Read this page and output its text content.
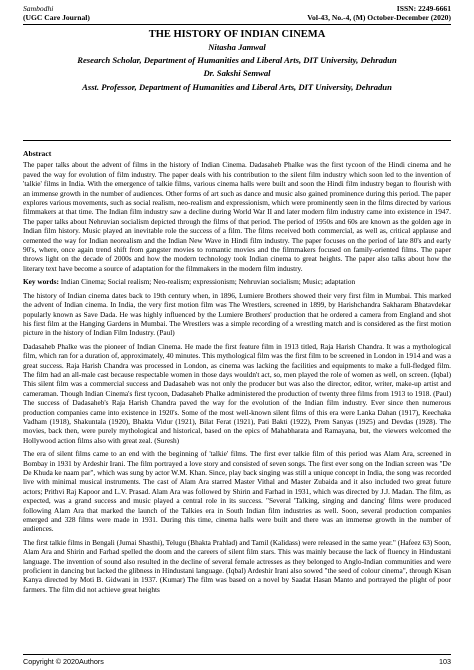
Sambodhi	ISSN: 2249-6661
(UGC Care Journal)	Vol-43, No.-4, (M) October-December (2020)
THE HISTORY OF INDIAN CINEMA
Nitasha Jamwal
Research Scholar, Department of Humanities and Liberal Arts, DIT University, Dehradun
Dr. Sakshi Semwal
Asst. Professor, Department of Humanities and Liberal Arts, DIT University, Dehradun
Abstract

The paper talks about the advent of films in the history of Indian Cinema. Dadasaheb Phalke was the first tycoon of the Hindi cinema and he paved the way for evolution of film industry. The paper deals with his contribution to the silent film industry which soon led to the invention of 'talkie' films in India. With the emergence of talkie films, various cinema halls were built and soon the Hindi film industry began to flourish with an immense growth in the number of audiences. Other forms of art such as dance and music also gained prominence during this period. The paper explores various movements, such as social realism, neo-realism and expressionism, which were prominently seen in the films directed by various filmmakers at that time. The Indian film industry saw a decline during World War II and later modern film industry came into existence in 1947. The paper talks about Nehruvian socialism depicted through the films of that period. The period of 1950s and 60s are known as the golden age in Indian film history. Music played an inevitable role the success of a film. The films received both commercial, as well as, critical applause and cemented the way for Indian neorealism and the Indian New Wave in Hindi film industry. The paper focuses on the period of late 80's and early 90's, where, once again trend shift from gangster movies to romantic movies and the filmmakers focused on family-oriented films. The paper throws light on the decade of 2000s and how the modern technology took Indian cinema to great heights. The paper also talks about how the literary text have become a source of adaptation for the filmmakers in the modern film industry.

Key words: Indian Cinema; Social realism; Neo-realism; expressionism; Nehruvian socialism; Music; adaptation

The history of Indian cinema dates back to 19th century when, in 1896, Lumiere Brothers showed their very first film in Mumbai. This marked the advent of Indian cinema. In India, the very first motion film was The Wrestlers, screened in 1899, by Harishchandra Sakharam Bhatavdekar popularly known as Save Dada. He was highly influenced by the Lumiere Brothers' production that he ordered a camera from England and shot his first film at the Hanging Gardens in Mumbai. The Wrestlers was a simple recording of a wrestling match and is considered as the first motion picture in the history of Indian Film Industry. (Paul)

Dadasaheb Phalke was the pioneer of Indian Cinema. He made the first feature film in 1913 titled, Raja Harish Chandra. It was a mythological film, which ran for a duration of, approximately, 40 minutes. This mythological film was the first film to be screened in London in 1914 and was a great success. Raja Harish Chandra was processed in London, as cinema was lacking the facilities and equipments to make a full-fledged film. The film had an all-male cast because respectable women in those days wouldn't act, so, men played the role of women as well, on screen. (Iqbal) This silent film was a commercial success and Dadasaheb was not only the producer but was also the director, editor, writer, make-up artist and cameraman. Though Indian Cinema's first tycoon, Dadasaheb Phalke administered the production of twenty three films from 1913 to 1918. (Paul) The success of Dadasaheb's Raja Harish Chandra paved the way for the evolution of the Indian film industry. Ever since then numerous production companies came into existence in 1920's. Some of the most well-known silent films of this era were Lanka Dahan (1917), Keechaka Vadham (1918), Shakuntala (1920), Bhakta Vidur (1921), Bilat Ferat (1921), Pati Bakti (1922), Prem Sanyas (1925) and Devdas (1928). The movies, back then, were purely mythological and historical, based on the epics of Mahabharata and Ramayana, but, the viewers welcomed the Hollywood action films also with great zeal. (Suresh)

The era of silent films came to an end with the beginning of 'talkie' films. The first ever talkie film of this period was Alam Ara, screened in Bombay in 1931 by Ardeshir Irani. The film portrayed a love story and consisted of seven songs. The first ever song on the Indian screen was "De De Khuda ke naam par", which was sung by actor W.M. Khan. Since, play back singing was still a unique concept in India, the song was recorded live with minimal musical instruments. The cast of Alam Ara starred Master Vithal and Master Zubaida and it also included two great future actors; Prithvi Raj Kapoor and L.V. Prasad. Alam Ara was followed by Shirin and Farhad in 1931, which was directed by J.J. Madan. The film, as expected, was a grand success and music played a central role in its success. "Several 'Talking, singing and dancing' films were produced following Alam Ara that marked the launch of the Talkies era in South Indian film industries as well. Soon, several production companies emerged and 328 films were made in 1931. During this time, cinema halls were built and there was an immense growth in the number of audiences.

The first talkie films in Bengali (Jumai Shasthi), Telugu (Bhakta Prahlad) and Tamil (Kalidass) were released in the same year." (Hafeez 63) Soon, Alam Ara and Shirin and Farhad spelled the doom and the careers of silent film stars. This was mainly because the lack of fluency in Hindustani language. The invention of sound also resulted in the decline of several female actresses as they belonged to Anglo-Indian communities and were proficient in dancing but lacked the glibness in Hindustani language. (Iqbal) Ardeshir Irani also sowed "the seed of colour cinema", through Kisan Kanya directed by Moti B. Gidwani in 1937. (Kumar) The film was based on a novel by Saadat Hasan Manto and portrayed the plight of poor farmers. The film did not achieve great heights

Copyright © 2020Authors	103
